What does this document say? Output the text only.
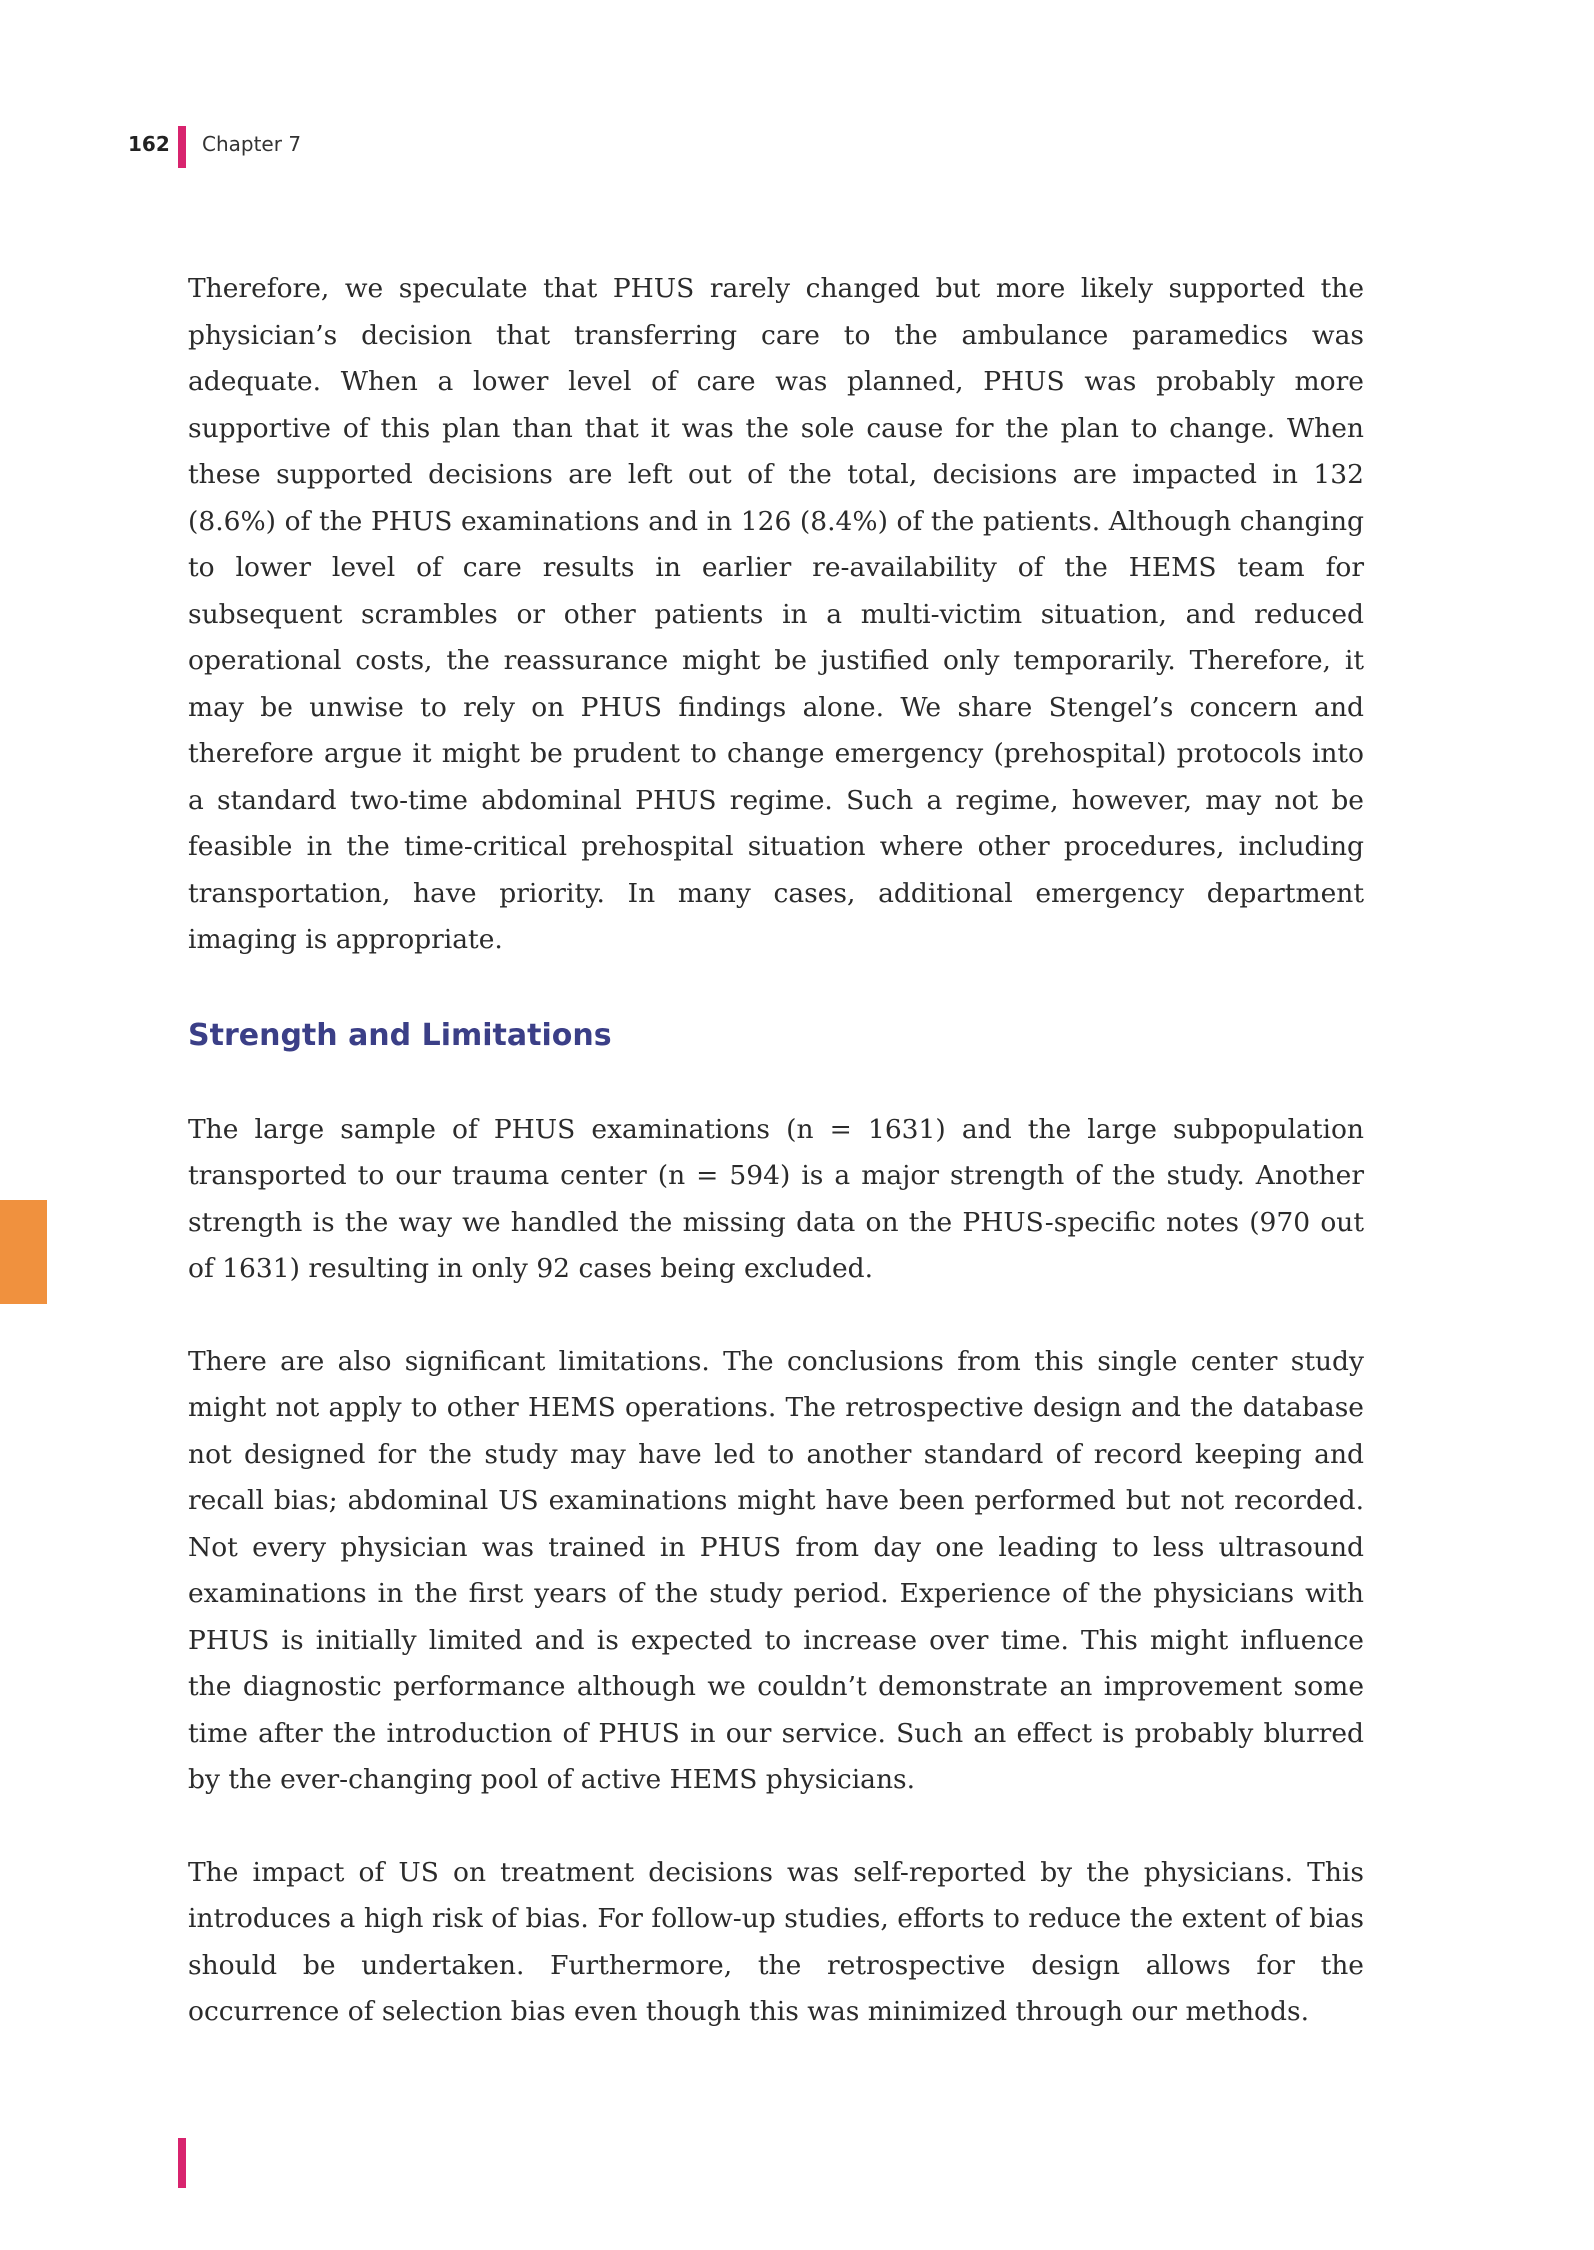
162 Chapter 7

Therefore, we speculate that PHUS rarely changed but more likely supported the physician’s decision that transferring care to the ambulance paramedics was adequate. When a lower level of care was planned, PHUS was probably more supportive of this plan than that it was the sole cause for the plan to change. When these supported decisions are left out of the total, decisions are impacted in 132 (8.6%) of the PHUS examinations and in 126 (8.4%) of the patients. Although changing to lower level of care results in earlier re-availability of the HEMS team for subsequent scrambles or other patients in a multi-victim situation, and reduced operational costs, the reassurance might be justified only temporarily. Therefore, it may be unwise to rely on PHUS findings alone. We share Stengel’s concern and therefore argue it might be prudent to change emergency (prehospital) protocols into a standard two-time abdominal PHUS regime. Such a regime, however, may not be feasible in the time-critical prehospital situation where other procedures, including transportation, have priority. In many cases, additional emergency department imaging is appropriate.

Strength and Limitations

The large sample of PHUS examinations (n = 1631) and the large subpopulation transported to our trauma center (n = 594) is a major strength of the study. Another strength is the way we handled the missing data on the PHUS-specific notes (970 out of 1631) resulting in only 92 cases being excluded.

There are also significant limitations. The conclusions from this single center study might not apply to other HEMS operations. The retrospective design and the database not designed for the study may have led to another standard of record keeping and recall bias; abdominal US examinations might have been performed but not recorded. Not every physician was trained in PHUS from day one leading to less ultrasound examinations in the first years of the study period. Experience of the physicians with PHUS is initially limited and is expected to increase over time. This might influence the diagnostic performance although we couldn’t demonstrate an improvement some time after the introduction of PHUS in our service. Such an effect is probably blurred by the ever-changing pool of active HEMS physicians.

The impact of US on treatment decisions was self-reported by the physicians. This introduces a high risk of bias. For follow-up studies, efforts to reduce the extent of bias should be undertaken. Furthermore, the retrospective design allows for the occurrence of selection bias even though this was minimized through our methods.
